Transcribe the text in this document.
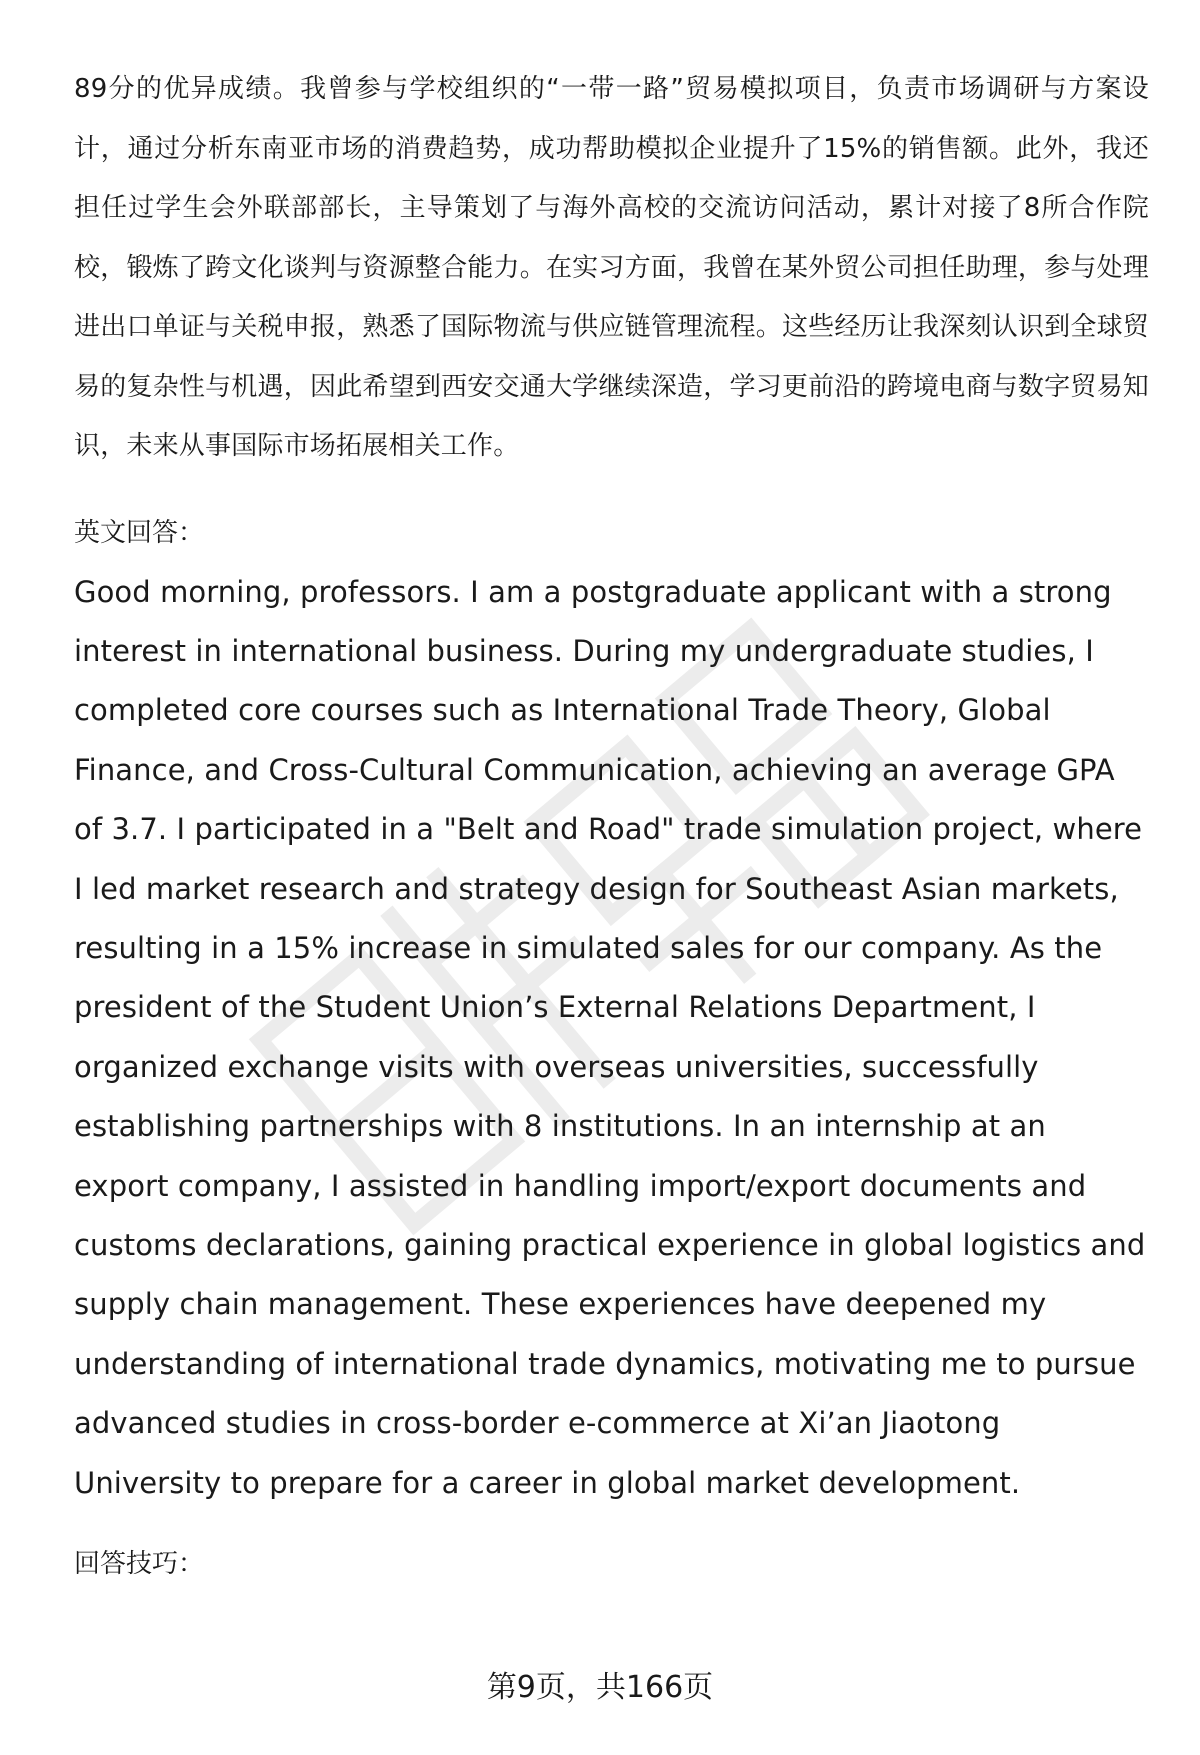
89分的优异成绩。我曾参与学校组织的“一带一路”贸易模拟项目，负责市场调研与方案设计，通过分析东南亚市场的消费趋势，成功帮助模拟企业提升了15%的销售额。此外，我还担任过学生会外联部部长，主导策划了与海外高校的交流访问活动，累计对接了8所合作院校，锻炼了跨文化谈判与资源整合能力。在实习方面，我曾在某外贸公司担任助理，参与处理进出口单证与关税申报，熟悉了国际物流与供应链管理流程。这些经历让我深刻认识到全球贸易的复杂性与机遇，因此希望到西安交通大学继续深造，学习更前沿的跨境电商与数字贸易知识，未来从事国际市场拓展相关工作。

英文回答：

Good morning, professors. I am a postgraduate applicant with a strong interest in international business. During my undergraduate studies, I completed core courses such as International Trade Theory, Global Finance, and Cross-Cultural Communication, achieving an average GPA of 3.7. I participated in a "Belt and Road" trade simulation project, where I led market research and strategy design for Southeast Asian markets, resulting in a 15% increase in simulated sales for our company. As the president of the Student Union’s External Relations Department, I organized exchange visits with overseas universities, successfully establishing partnerships with 8 institutions. In an internship at an export company, I assisted in handling import/export documents and customs declarations, gaining practical experience in global logistics and supply chain management. These experiences have deepened my understanding of international trade dynamics, motivating me to pursue advanced studies in cross-border e-commerce at Xi’an Jiaotong University to prepare for a career in global market development.

回答技巧：

第9页，共166页
